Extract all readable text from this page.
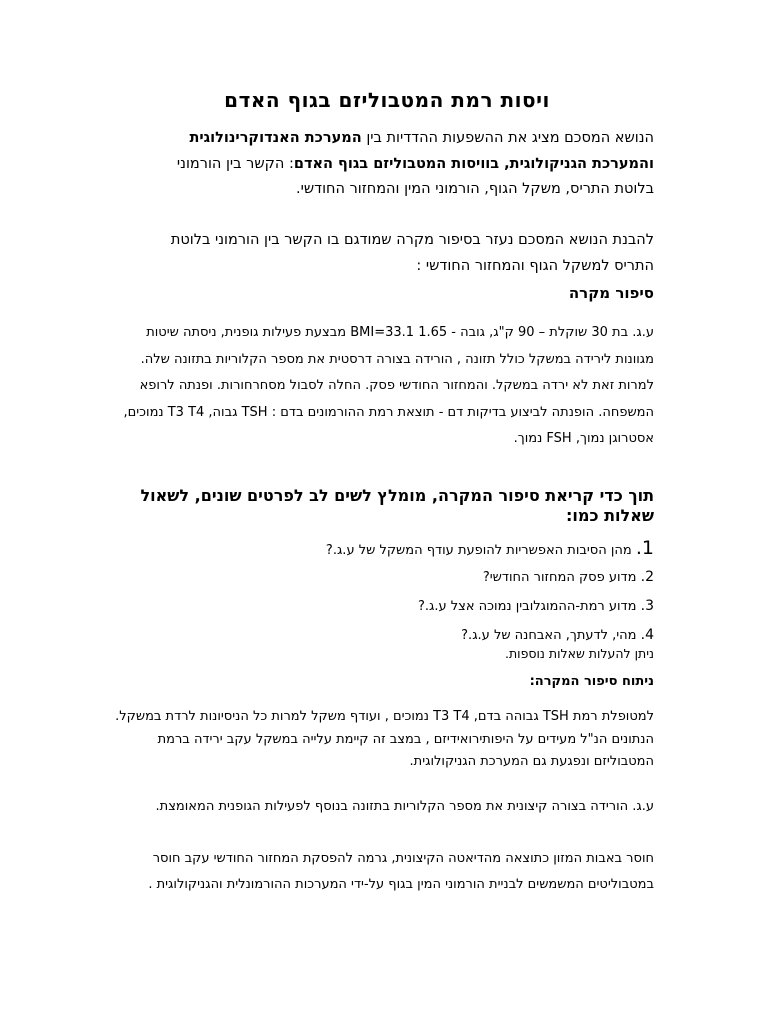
ויסות רמת המטבוליזם בגוף האדם

הנושא המסכם מציג את ההשפעות ההדדיות בין המערכת האנדוקרינולוגית והמערכת הגניקולוגית, בוויסות המטבוליזם בגוף האדם: הקשר בין הורמוני בלוטת התריס, משקל הגוף, הורמוני המין והמחזור החודשי.

להבנת הנושא המסכם נעזר בסיפור מקרה שמודגם בו הקשר בין הורמוני בלוטת התריס למשקל הגוף והמחזור החודשי :

סיפור מקרה

ע.ג. בת 30 שוקלת – 90 ק"ג, גובה - 1.65 BMI=33.1 מבצעת פעילות גופנית, ניסתה שיטות מגוונות לירידה במשקל כולל תזונה , הורידה בצורה דרסטית את מספר הקלוריות בתזונה שלה. למרות זאת לא ירדה במשקל. והמחזור החודשי פסק. החלה לסבול מסחרחורות. ופנתה לרופא המשפחה. הופנתה לביצוע בדיקות דם - תוצאת רמת ההורמונים בדם : TSH גבוה, T3 T4 נמוכים, אסטרוגן נמוך, FSH נמוך.

תוך כדי קריאת סיפור המקרה, מומלץ לשים לב לפרטים שונים, לשאול שאלות כמו:
1. מהן הסיבות האפשריות להופעת עודף המשקל של ע.ג.?
2. מדוע פסק המחזור החודשי?
3. מדוע רמת-ההמוגלובין נמוכה אצל ע.ג.?
4. מהי, לדעתך, האבחנה של ע.ג.?

ניתן להעלות שאלות נוספות.

ניתוח סיפור המקרה:

למטופלת רמת TSH גבוהה בדם, T3 T4 נמוכים , ועודף משקל למרות כל הניסיונות לרדת במשקל. הנתונים הנ"ל מעידים על היפותירואידיזם , במצב זה קיימת עלייה במשקל עקב ירידה ברמת המטבוליזם ונפגעת גם המערכת הגניקולוגית.

ע.ג. הורידה בצורה קיצונית את מספר הקלוריות בתזונה בנוסף לפעילות הגופנית המאומצת.

חוסר באבות המזון כתוצאה מהדיאטה הקיצונית, גרמה להפסקת המחזור החודשי עקב חוסר במטבוליטים המשמשים לבניית הורמוני המין בגוף על-ידי המערכות ההורמונלית והגניקולוגית .
